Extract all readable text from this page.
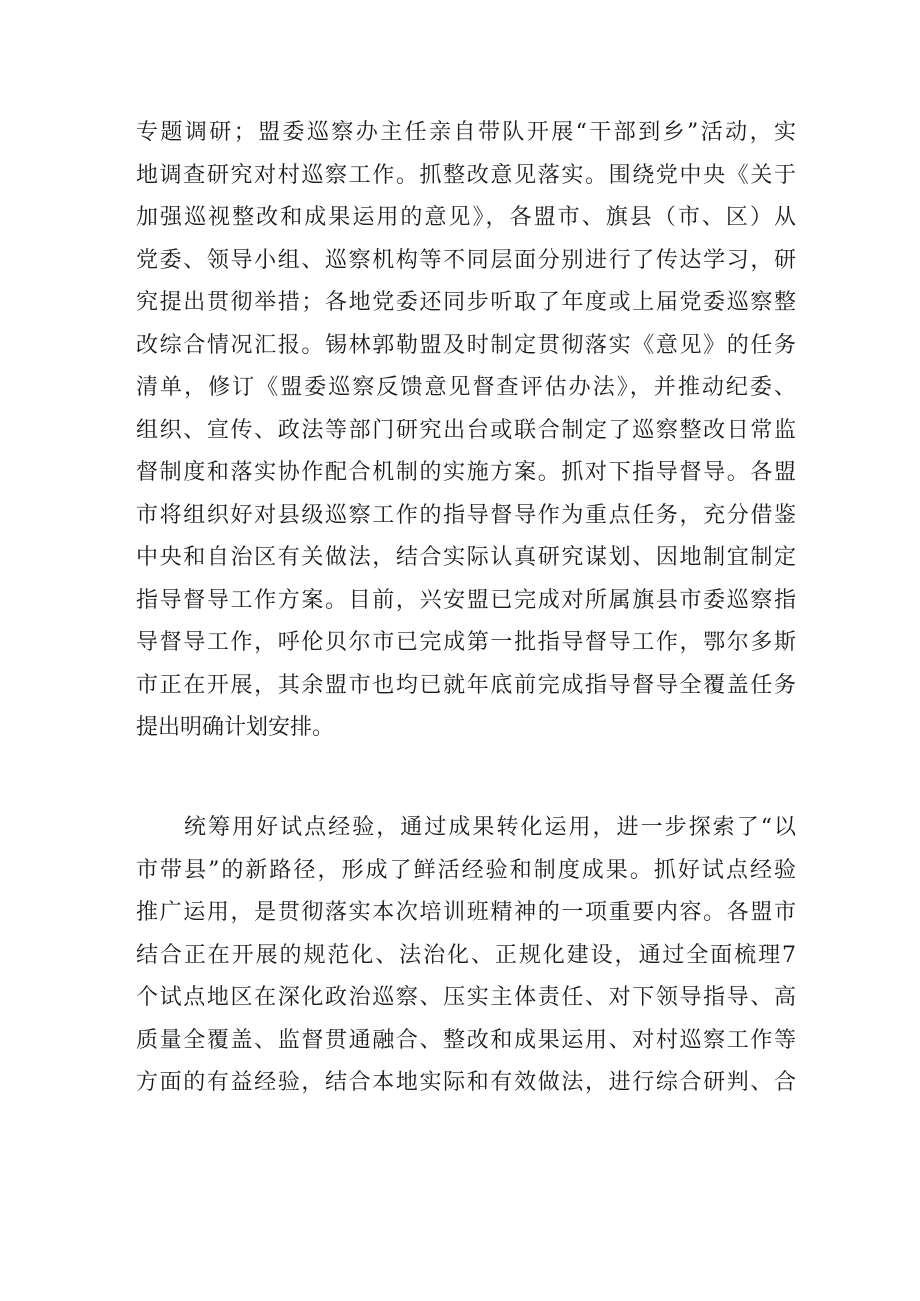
专题调研；盟委巡察办主任亲自带队开展“干部到乡”活动，实
地调查研究对村巡察工作。抓整改意见落实。围绕党中央《关于
加强巡视整改和成果运用的意见》，各盟市、旗县（市、区）从
党委、领导小组、巡察机构等不同层面分别进行了传达学习，研
究提出贯彻举措；各地党委还同步听取了年度或上届党委巡察整
改综合情况汇报。锡林郭勒盟及时制定贯彻落实《意见》的任务
清单，修订《盟委巡察反馈意见督查评估办法》，并推动纪委、
组织、宣传、政法等部门研究出台或联合制定了巡察整改日常监
督制度和落实协作配合机制的实施方案。抓对下指导督导。各盟
市将组织好对县级巡察工作的指导督导作为重点任务，充分借鉴
中央和自治区有关做法，结合实际认真研究谋划、因地制宜制定
指导督导工作方案。目前，兴安盟已完成对所属旗县市委巡察指
导督导工作，呼伦贝尔市已完成第一批指导督导工作，鄂尔多斯
市正在开展，其余盟市也均已就年底前完成指导督导全覆盖任务
提出明确计划安排。
统筹用好试点经验，通过成果转化运用，进一步探索了“以
市带县”的新路径，形成了鲜活经验和制度成果。抓好试点经验
推广运用，是贯彻落实本次培训班精神的一项重要内容。各盟市
结合正在开展的规范化、法治化、正规化建设，通过全面梳理7
个试点地区在深化政治巡察、压实主体责任、对下领导指导、高
质量全覆盖、监督贯通融合、整改和成果运用、对村巡察工作等
方面的有益经验，结合本地实际和有效做法，进行综合研判、合
